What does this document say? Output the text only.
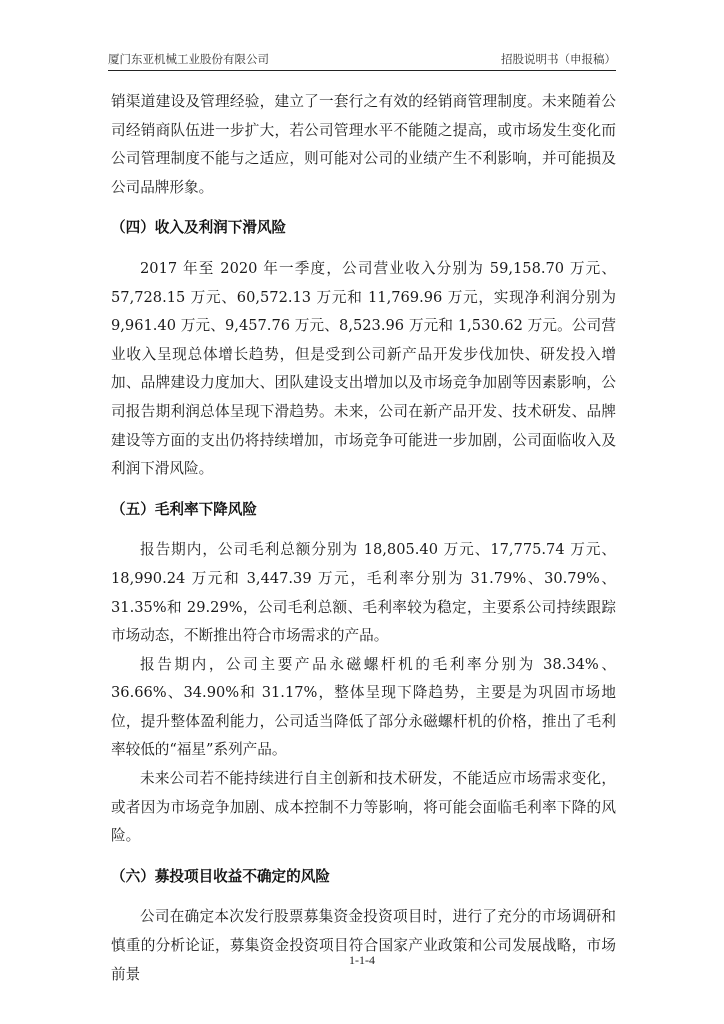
厦门东亚机械工业股份有限公司	招股说明书（申报稿）

销渠道建设及管理经验，建立了一套行之有效的经销商管理制度。未来随着公司经销商队伍进一步扩大，若公司管理水平不能随之提高，或市场发生变化而公司管理制度不能与之适应，则可能对公司的业绩产生不利影响，并可能损及公司品牌形象。

（四）收入及利润下滑风险

2017 年至 2020 年一季度，公司营业收入分别为 59,158.70 万元、57,728.15 万元、60,572.13 万元和 11,769.96 万元，实现净利润分别为 9,961.40 万元、9,457.76 万元、8,523.96 万元和 1,530.62 万元。公司营业收入呈现总体增长趋势，但是受到公司新产品开发步伐加快、研发投入增加、品牌建设力度加大、团队建设支出增加以及市场竞争加剧等因素影响，公司报告期利润总体呈现下滑趋势。未来，公司在新产品开发、技术研发、品牌建设等方面的支出仍将持续增加，市场竞争可能进一步加剧，公司面临收入及利润下滑风险。

（五）毛利率下降风险

报告期内，公司毛利总额分别为 18,805.40 万元、17,775.74 万元、18,990.24 万元和 3,447.39 万元，毛利率分别为 31.79%、30.79%、31.35%和 29.29%，公司毛利总额、毛利率较为稳定，主要系公司持续跟踪市场动态，不断推出符合市场需求的产品。

报告期内，公司主要产品永磁螺杆机的毛利率分别为 38.34%、36.66%、34.90%和 31.17%，整体呈现下降趋势，主要是为巩固市场地位，提升整体盈利能力，公司适当降低了部分永磁螺杆机的价格，推出了毛利率较低的“福星”系列产品。

未来公司若不能持续进行自主创新和技术研发，不能适应市场需求变化，或者因为市场竞争加剧、成本控制不力等影响，将可能会面临毛利率下降的风险。

（六）募投项目收益不确定的风险

公司在确定本次发行股票募集资金投资项目时，进行了充分的市场调研和慎重的分析论证，募集资金投资项目符合国家产业政策和公司发展战略，市场前景

1-1-4
